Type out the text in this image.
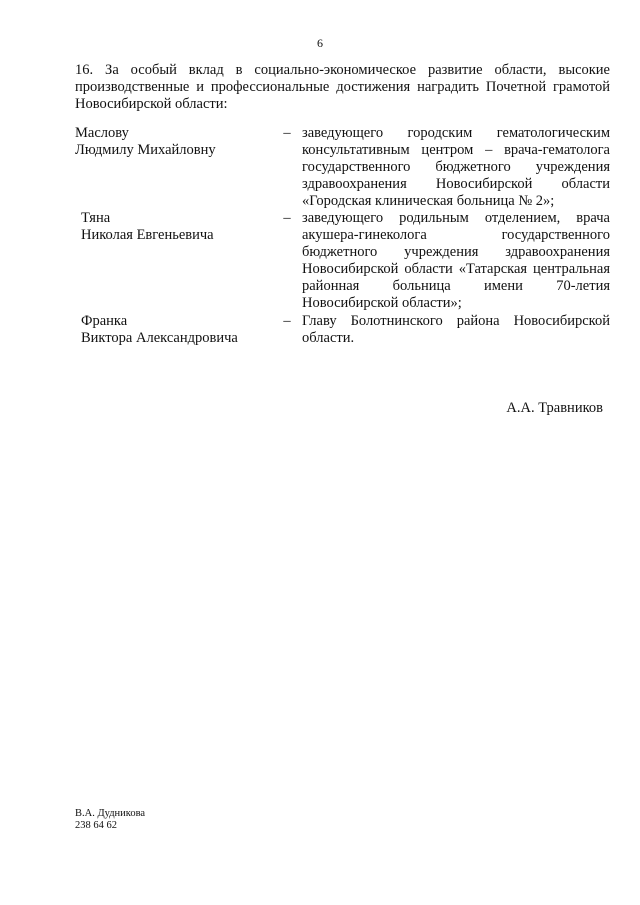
6
16. За особый вклад в социально-экономическое развитие области, высокие производственные и профессиональные достижения наградить Почетной грамотой Новосибирской области:
Маслову
Людмилу Михайловну
– заведующего городским гематологическим консультативным центром – врача-гематолога государственного бюджетного учреждения здравоохранения Новосибирской области «Городская клиническая больница № 2»;
Тяна
Николая Евгеньевича
– заведующего родильным отделением, врача акушера-гинеколога государственного бюджетного учреждения здравоохранения Новосибирской области «Татарская центральная районная больница имени 70-летия Новосибирской области»;
Франка
Виктора Александровича
– Главу Болотнинского района Новосибирской области.
А.А. Травников
В.А. Дудникова
238 64 62
